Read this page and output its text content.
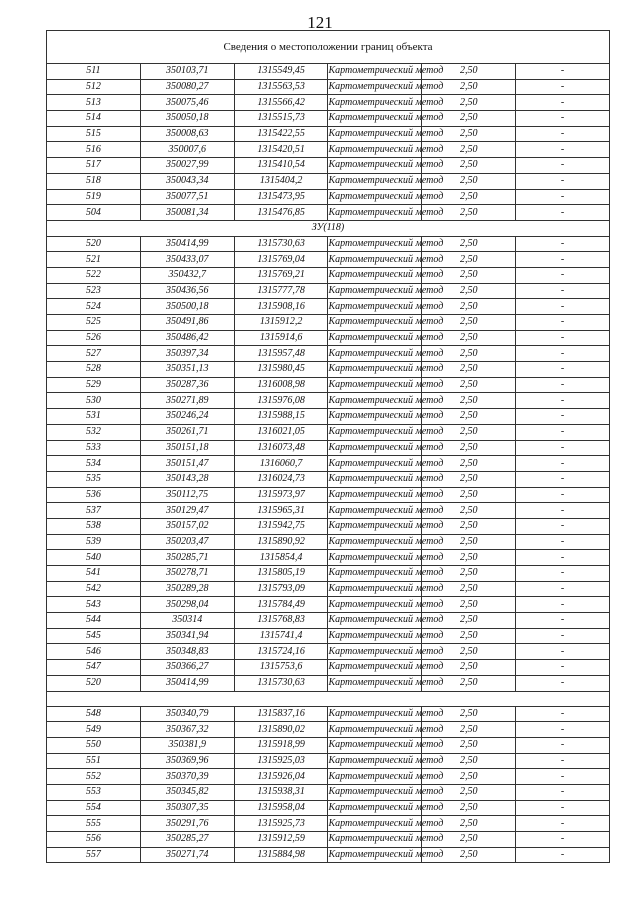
121
Сведения о местоположении границ объекта					
511	350103,71	1315549,45	Картометрический метод	2,50	-
512	350080,27	1315563,53	Картометрический метод	2,50	-
513	350075,46	1315566,42	Картометрический метод	2,50	-
514	350050,18	1315515,73	Картометрический метод	2,50	-
515	350008,63	1315422,55	Картометрический метод	2,50	-
516	350007,6	1315420,51	Картометрический метод	2,50	-
517	350027,99	1315410,54	Картометрический метод	2,50	-
518	350043,34	1315404,2	Картометрический метод	2,50	-
519	350077,51	1315473,95	Картометрический метод	2,50	-
504	350081,34	1315476,85	Картометрический метод	2,50	-
ЗУ(118)					
520	350414,99	1315730,63	Картометрический метод	2,50	-
521	350433,07	1315769,04	Картометрический метод	2,50	-
522	350432,7	1315769,21	Картометрический метод	2,50	-
523	350436,56	1315777,78	Картометрический метод	2,50	-
524	350500,18	1315908,16	Картометрический метод	2,50	-
525	350491,86	1315912,2	Картометрический метод	2,50	-
526	350486,42	1315914,6	Картометрический метод	2,50	-
527	350397,34	1315957,48	Картометрический метод	2,50	-
528	350351,13	1315980,45	Картометрический метод	2,50	-
529	350287,36	1316008,98	Картометрический метод	2,50	-
530	350271,89	1315976,08	Картометрический метод	2,50	-
531	350246,24	1315988,15	Картометрический метод	2,50	-
532	350261,71	1316021,05	Картометрический метод	2,50	-
533	350151,18	1316073,48	Картометрический метод	2,50	-
534	350151,47	1316060,7	Картометрический метод	2,50	-
535	350143,28	1316024,73	Картометрический метод	2,50	-
536	350112,75	1315973,97	Картометрический метод	2,50	-
537	350129,47	1315965,31	Картометрический метод	2,50	-
538	350157,02	1315942,75	Картометрический метод	2,50	-
539	350203,47	1315890,92	Картометрический метод	2,50	-
540	350285,71	1315854,4	Картометрический метод	2,50	-
541	350278,71	1315805,19	Картометрический метод	2,50	-
542	350289,28	1315793,09	Картометрический метод	2,50	-
543	350298,04	1315784,49	Картометрический метод	2,50	-
544	350314	1315768,83	Картометрический метод	2,50	-
545	350341,94	1315741,4	Картометрический метод	2,50	-
546	350348,83	1315724,16	Картометрический метод	2,50	-
547	350366,27	1315753,6	Картометрический метод	2,50	-
520	350414,99	1315730,63	Картометрический метод	2,50	-

548	350340,79	1315837,16	Картометрический метод	2,50	-
549	350367,32	1315890,02	Картометрический метод	2,50	-
550	350381,9	1315918,99	Картометрический метод	2,50	-
551	350369,96	1315925,03	Картометрический метод	2,50	-
552	350370,39	1315926,04	Картометрический метод	2,50	-
553	350345,82	1315938,31	Картометрический метод	2,50	-
554	350307,35	1315958,04	Картометрический метод	2,50	-
555	350291,76	1315925,73	Картометрический метод	2,50	-
556	350285,27	1315912,59	Картометрический метод	2,50	-
557	350271,74	1315884,98	Картометрический метод	2,50	-
